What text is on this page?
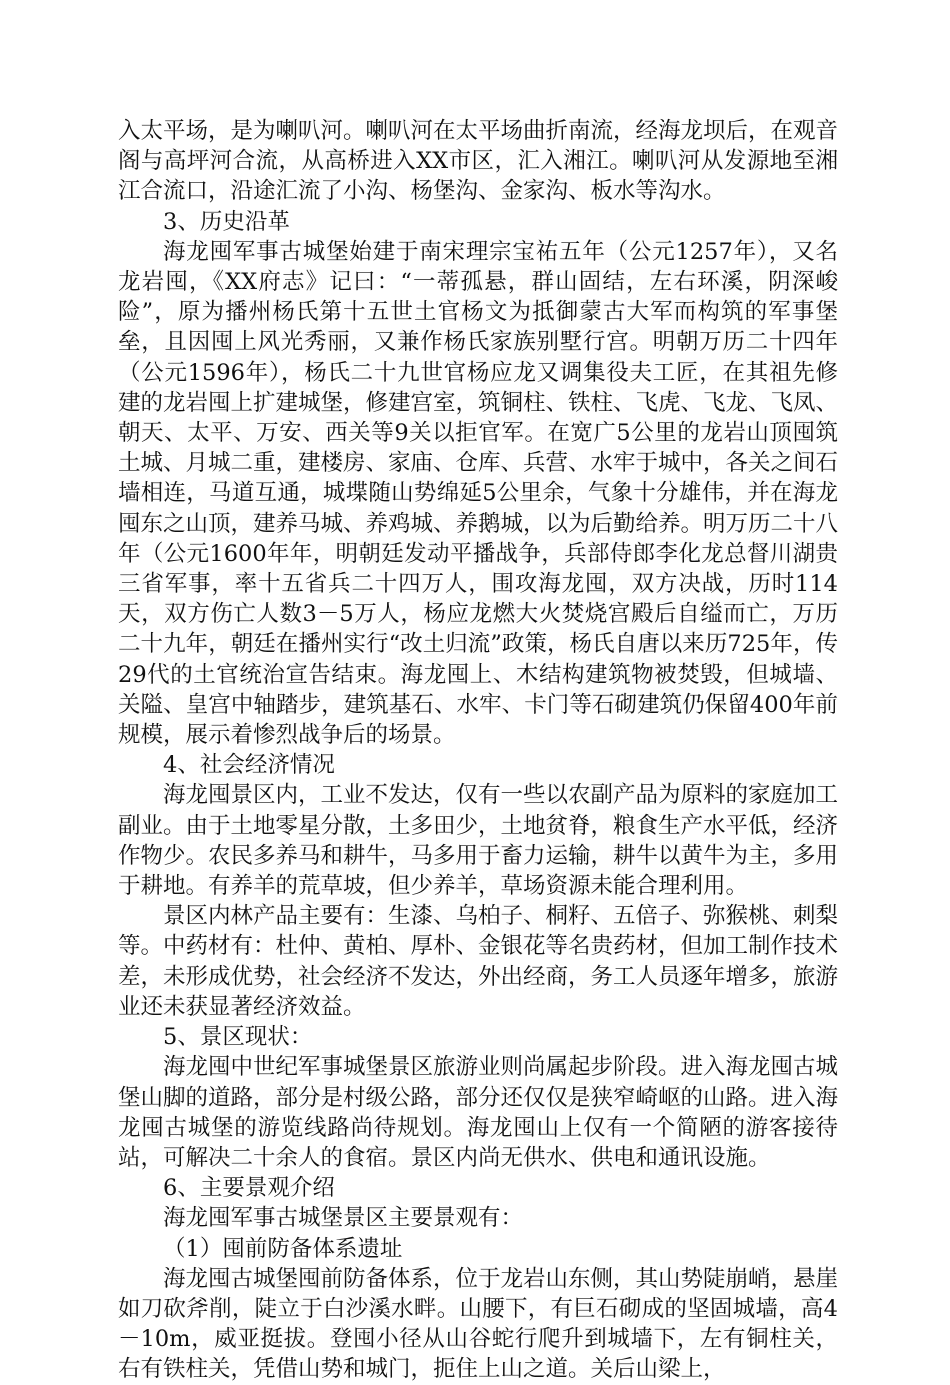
入太平场，是为喇叭河。喇叭河在太平场曲折南流，经海龙坝后，在观音阁与高坪河合流，从高桥进入XX市区，汇入湘江。喇叭河从发源地至湘江合流口，沿途汇流了小沟、杨堡沟、金家沟、板水等沟水。

3、历史沿革

海龙囤军事古城堡始建于南宋理宗宝祐五年（公元1257年），又名龙岩囤，《XX府志》记曰：“一蒂孤悬，群山固结，左右环溪，阴深峻险”，原为播州杨氏第十五世土官杨文为抵御蒙古大军而构筑的军事堡垒，且因囤上风光秀丽，又兼作杨氏家族别墅行宫。明朝万历二十四年（公元1596年），杨氏二十九世官杨应龙又调集役夫工匠，在其祖先修建的龙岩囤上扩建城堡，修建宫室，筑铜柱、铁柱、飞虎、飞龙、飞凤、朝天、太平、万安、西关等9关以拒官军。在宽广5公里的龙岩山顶囤筑土城、月城二重，建楼房、家庙、仓库、兵营、水牢于城中，各关之间石墙相连，马道互通，城堞随山势绵延5公里余，气象十分雄伟，并在海龙囤东之山顶，建养马城、养鸡城、养鹅城，以为后勤给养。明万历二十八年（公元1600年年，明朝廷发动平播战争，兵部侍郎李化龙总督川湖贵三省军事，率十五省兵二十四万人，围攻海龙囤，双方决战，历时114天，双方伤亡人数3－5万人，杨应龙燃大火焚烧宫殿后自缢而亡，万历二十九年，朝廷在播州实行“改土归流”政策，杨氏自唐以来历725年，传29代的土官统治宣告结束。海龙囤上、木结构建筑物被焚毁，但城墙、关隘、皇宫中轴踏步，建筑基石、水牢、卡门等石砌建筑仍保留400年前规模，展示着惨烈战争后的场景。

4、社会经济情况

海龙囤景区内，工业不发达，仅有一些以农副产品为原料的家庭加工副业。由于土地零星分散，土多田少，土地贫脊，粮食生产水平低，经济作物少。农民多养马和耕牛，马多用于畜力运输，耕牛以黄牛为主，多用于耕地。有养羊的荒草坡，但少养羊，草场资源未能合理利用。

景区内林产品主要有：生漆、乌柏子、桐籽、五倍子、弥猴桃、刺梨等。中药材有：杜仲、黄柏、厚朴、金银花等名贵药材，但加工制作技术差，未形成优势，社会经济不发达，外出经商，务工人员逐年增多，旅游业还未获显著经济效益。

5、景区现状：

海龙囤中世纪军事城堡景区旅游业则尚属起步阶段。进入海龙囤古城堡山脚的道路，部分是村级公路，部分还仅仅是狭窄崎岖的山路。进入海龙囤古城堡的游览线路尚待规划。海龙囤山上仅有一个简陋的游客接待站，可解决二十余人的食宿。景区内尚无供水、供电和通讯设施。

6、主要景观介绍

海龙囤军事古城堡景区主要景观有：

（1）囤前防备体系遗址

海龙囤古城堡囤前防备体系，位于龙岩山东侧，其山势陡崩峭，悬崖如刀砍斧削，陡立于白沙溪水畔。山腰下，有巨石砌成的坚固城墙，高4－10m，威亚挺拔。登囤小径从山谷蛇行爬升到城墙下，左有铜柱关，右有铁柱关，凭借山势和城门，扼住上山之道。关后山梁上，
